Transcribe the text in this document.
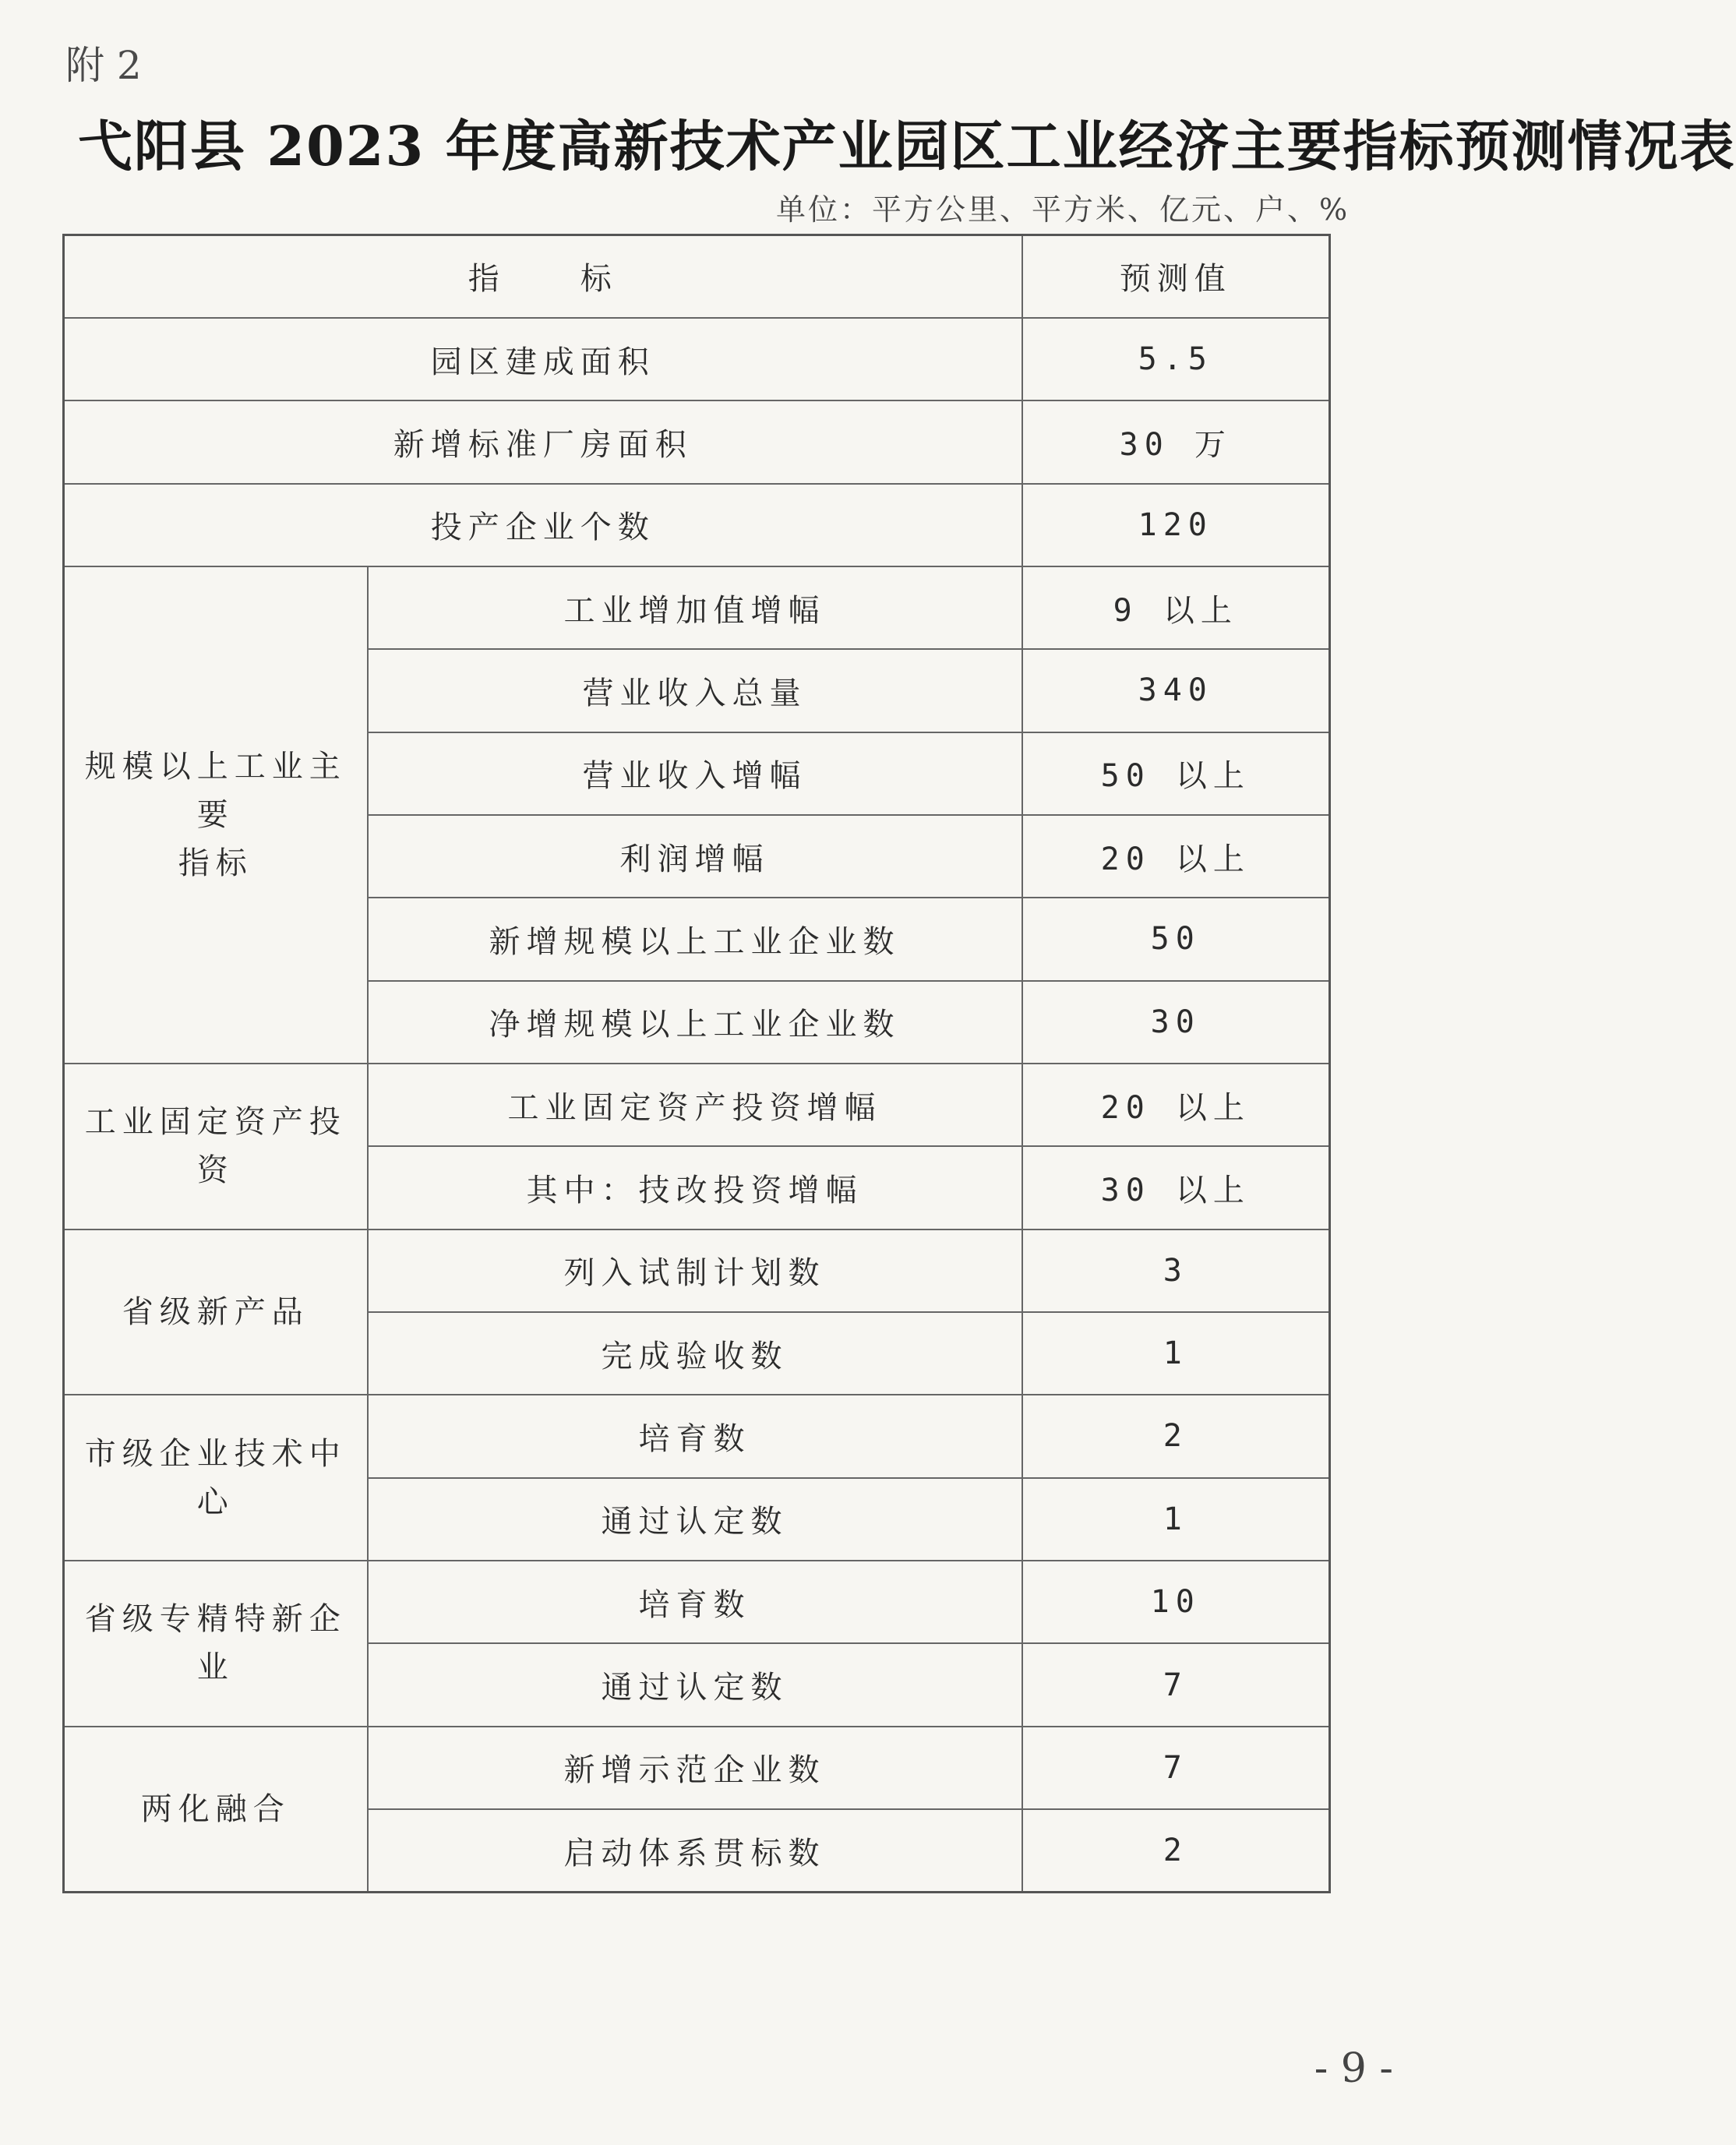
附 2
弋阳县 2023 年度高新技术产业园区工业经济主要指标预测情况表
单位：平方公里、平方米、亿元、户、%
指　　标		预测值
园区建成面积		5.5
新增标准厂房面积		30 万
投产企业个数		120
规模以上工业主要
指标	工业增加值增幅	9 以上
	营业收入总量	340
	营业收入增幅	50 以上
	利润增幅	20 以上
	新增规模以上工业企业数	50
	净增规模以上工业企业数	30
工业固定资产投资	工业固定资产投资增幅	20 以上
	其中：技改投资增幅	30 以上
省级新产品	列入试制计划数	3
	完成验收数	1
市级企业技术中心	培育数	2
	通过认定数	1
省级专精特新企业	培育数	10
	通过认定数	7
两化融合	新增示范企业数	7
	启动体系贯标数	2
- 9 -
